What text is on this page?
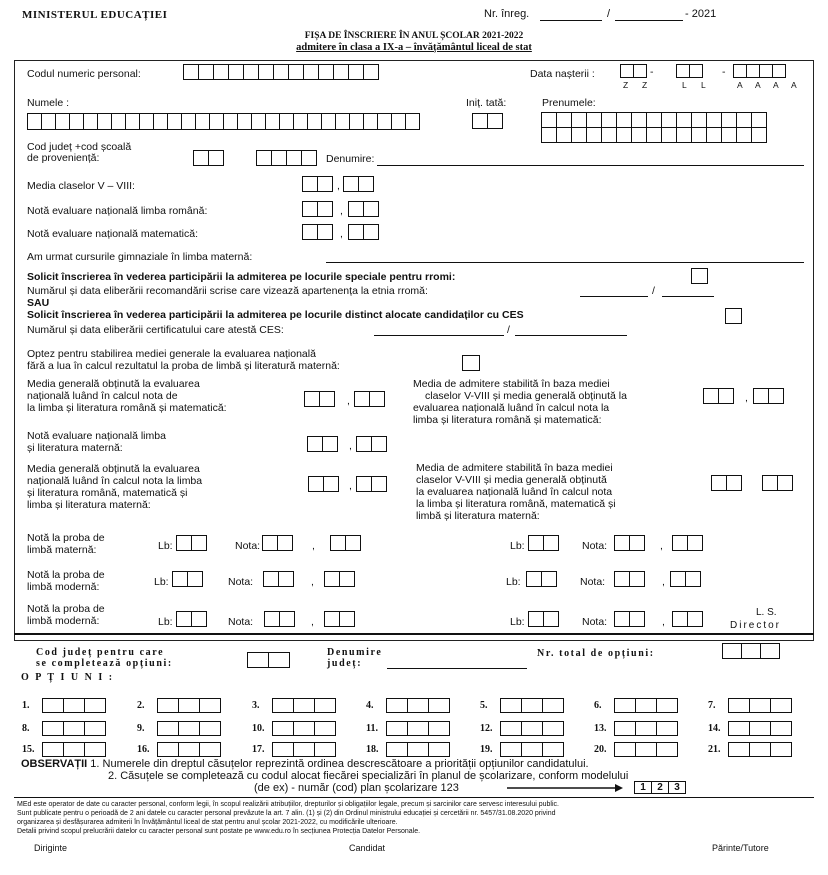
MINISTERUL EDUCAȚIEI	Nr. înreg.	/	- 2021
FIȘA DE ÎNSCRIERE ÎN ANUL ȘCOLAR 2021-2022
admitere în clasa a IX-a – învățământul liceal de stat
Codul numeric personal:	Data nașterii :	-	-
Z Z	L L	A A A A
Numele :	Iniț. tată:	Prenumele:
Cod județ +cod școală
de proveniență:	Denumire:
Media claselor V – VIII:	,
Notă evaluare națională limba română:	,
Notă evaluare națională matematică:	,
Am urmat cursurile gimnaziale în limba maternă:
Solicit înscrierea în vederea participării la admiterea pe locurile speciale pentru rromi:
Numărul și data eliberării recomandării scrise care vizează apartenența la etnia rromă:	/
SAU
Solicit înscrierea în vederea participării la admiterea pe locurile distinct alocate candidaților cu CES
Numărul și data eliberării certificatului care atestă CES:	/
Optez pentru stabilirea mediei generale la evaluarea națională
fără a lua în calcul rezultatul la proba de limbă și literatură maternă:
Media generală obținută la evaluarea
națională luând în calcul nota de
la limba și literatura română și matematică:
,
Media de admitere stabilită în baza mediei
claselor V-VIII și media generală obținută la
evaluarea națională luând în calcul nota la
limba și literatura română și matematică:
,
Notă evaluare națională limba
și literatura maternă:	,
Media generală obținută la evaluarea
națională luând în calcul nota la limba
și literatura română, matematică și
limba și literatura maternă:
,
Media de admitere stabilită în baza mediei
claselor V-VIII și media generală obținută
la evaluarea națională luând în calcul nota
la limba și literatura română, matematică și
limbă și literatura maternă:
Notă la proba de
limbă maternă:	Lb:	Nota:	,	Lb:	Nota:	,
Notă la proba de
limbă modernă:	Lb:	Nota:	,	Lb:	Nota:	,
Notă la proba de
limbă modernă:	Lb:	Nota:	,	Lb:	Nota:	,
L. S.
Director
Cod județ pentru care
se completează opțiuni:
Denumire
județ:
Nr. total de opțiuni:
O P Ț I U N I :
1.	2.	3.	4.	5.	6.	7.
8.	9.	10.	11.	12.	13.	14.
15.	16.	17.	18.	19.	20.	21.
OBSERVAȚII 1. Numerele din dreptul căsuțelor reprezintă ordinea descrescătoare a priorității opțiunilor candidatului.
2. Căsuțele se completează cu codul alocat fiecărei specializări în planul de școlarizare, conform modelului
(de ex) - număr (cod) plan școlarizare 123	1	2	3
MEd este operator de date cu caracter personal, conform legii, în scopul realizării atribuțiilor, drepturilor și obligațiilor legale, precum și sarcinilor care servesc interesului public.
Sunt publicate pentru o perioadă de 2 ani datele cu caracter personal prevăzute la art. 7 alin. (1) și (2) din Ordinul ministrului educației și cercetării nr. 5457/31.08.2020 privind
organizarea și desfășurarea admiterii în învățământul liceal de stat pentru anul școlar 2021-2022, cu modificările ulterioare.
Detalii privind scopul prelucrării datelor cu caracter personal sunt postate pe www.edu.ro în secțiunea Protecția Datelor Personale.
Diriginte	Candidat	Părinte/Tutore
